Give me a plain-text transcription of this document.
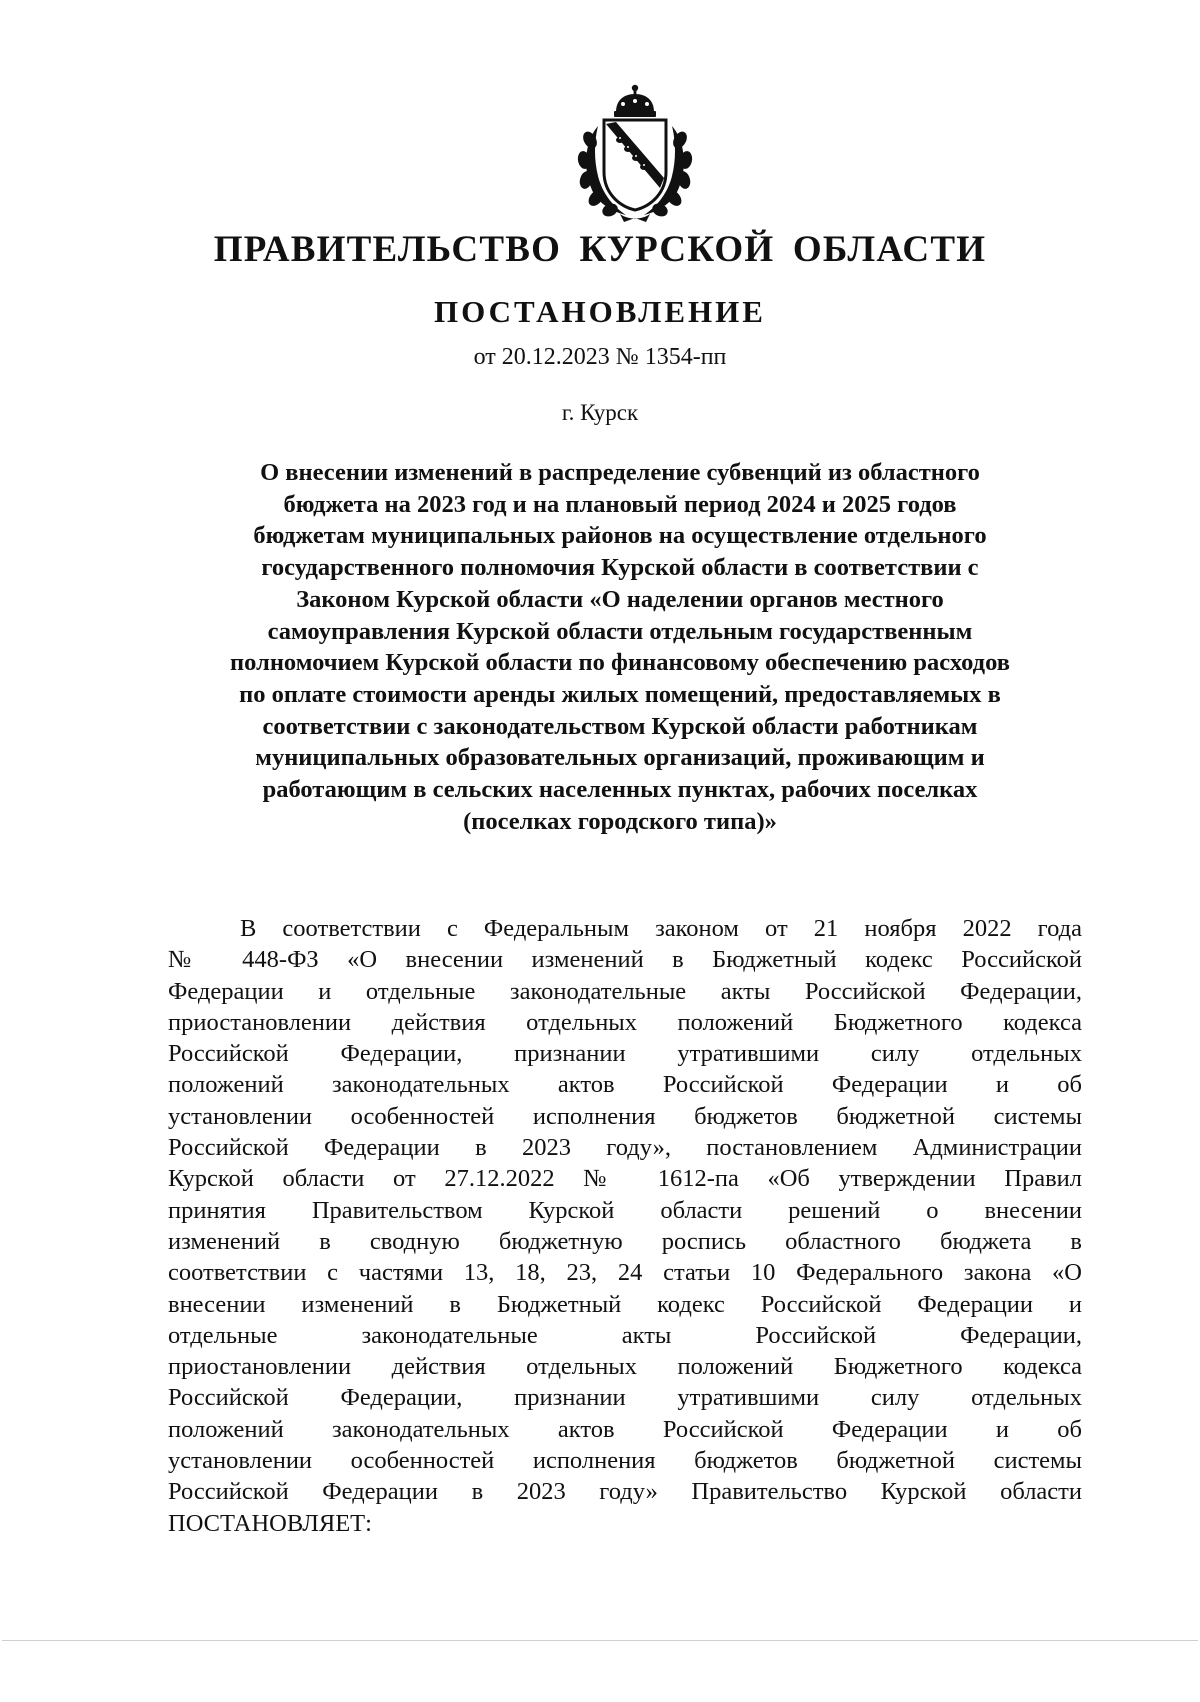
ПРАВИТЕЛЬСТВО КУРСКОЙ ОБЛАСТИ
ПОСТАНОВЛЕНИЕ

от 20.12.2023 № 1354-пп

г. Курск

О внесении изменений в распределение субвенций из областного
бюджета на 2023 год и на плановый период 2024 и 2025 годов
бюджетам муниципальных районов на осуществление отдельного
государственного полномочия Курской области в соответствии с
Законом Курской области «О наделении органов местного
самоуправления Курской области отдельным государственным
полномочием Курской области по финансовому обеспечению расходов
по оплате стоимости аренды жилых помещений, предоставляемых в
соответствии с законодательством Курской области работникам
муниципальных образовательных организаций, проживающим и
работающим в сельских населенных пунктах, рабочих поселках
(поселках городского типа)»
В соответствии с Федеральным законом от 21 ноября 2022 года
№ 448-ФЗ «О внесении изменений в Бюджетный кодекс Российской
Федерации и отдельные законодательные акты Российской Федерации,
приостановлении действия отдельных положений Бюджетного кодекса
Российской Федерации, признании утратившими силу отдельных
положений законодательных актов Российской Федерации и об
установлении особенностей исполнения бюджетов бюджетной системы
Российской Федерации в 2023 году», постановлением Администрации
Курской области от 27.12.2022 № 1612-па «Об утверждении Правил
принятия Правительством Курской области решений о внесении
изменений в сводную бюджетную роспись областного бюджета в
соответствии с частями 13, 18, 23, 24 статьи 10 Федерального закона «О
внесении изменений в Бюджетный кодекс Российской Федерации и
отдельные законодательные акты Российской Федерации,
приостановлении действия отдельных положений Бюджетного кодекса
Российской Федерации, признании утратившими силу отдельных
положений законодательных актов Российской Федерации и об
установлении особенностей исполнения бюджетов бюджетной системы
Российской Федерации в 2023 году» Правительство Курской области
ПОСТАНОВЛЯЕТ:
